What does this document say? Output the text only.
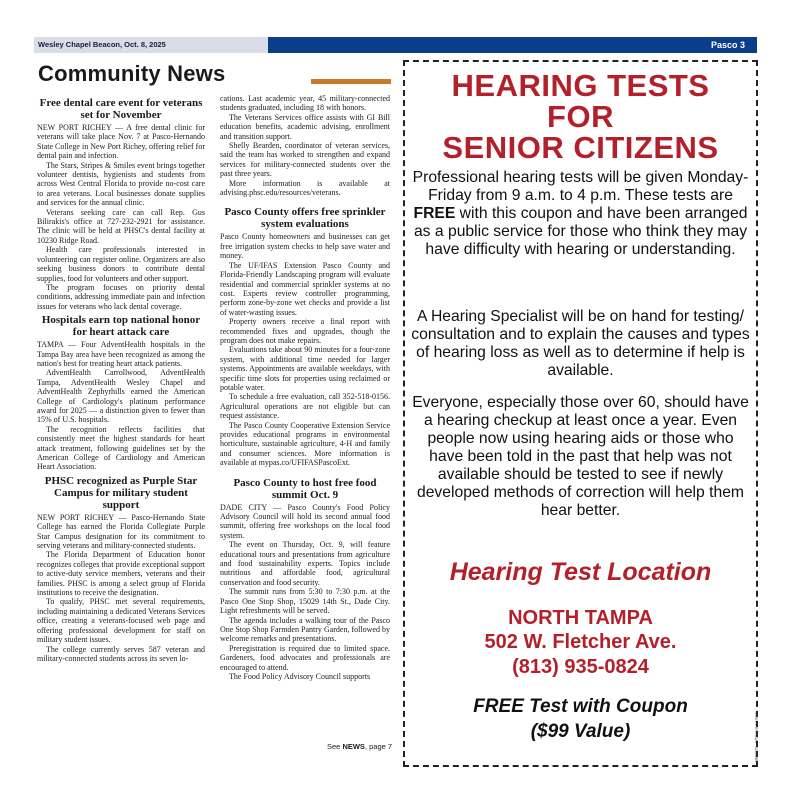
Wesley Chapel Beacon, Oct. 8, 2025	Pasco 3
Community News
Free dental care event for veterans set for November

NEW PORT RICHEY — A free dental clinic for veterans will take place Nov. 7 at Pasco-Hernando State College in New Port Richey, offering relief for dental pain and infection.

The Stars, Stripes & Smiles event brings together volunteer dentists, hygienists and students from across West Central Florida to provide no-cost care to area veterans. Local businesses donate supplies and services for the annual clinic.

Veterans seeking care can call Rep. Gus Bilirakis's office at 727-232-2921 for assistance. The clinic will be held at PHSC's dental facility at 10230 Ridge Road.

Health care professionals interested in volunteering can register online. Organizers are also seeking business donors to contribute dental supplies, food for volunteers and other support.

The program focuses on priority dental conditions, addressing immediate pain and infection issues for veterans who lack dental coverage.

Hospitals earn top national honor for heart attack care

TAMPA — Four AdventHealth hospitals in the Tampa Bay area have been recognized as among the nation's best for treating heart attack patients.

AdventHealth Carrollwood, AdventHealth Tampa, AdventHealth Wesley Chapel and AdventHealth Zephyrhills earned the American College of Cardiology's platinum performance award for 2025 — a distinction given to fewer than 15% of U.S. hospitals.

The recognition reflects facilities that consistently meet the highest standards for heart attack treatment, following guidelines set by the American College of Cardiology and American Heart Association.

PHSC recognized as Purple Star Campus for military student support

NEW PORT RICHEY — Pasco-Hernando State College has earned the Florida Collegiate Purple Star Campus designation for its commitment to serving veterans and military-connected students.

The Florida Department of Education honor recognizes colleges that provide exceptional support to active-duty service members, veterans and their families. PHSC is among a select group of Florida institutions to receive the designation.

To qualify, PHSC met several requirements, including maintaining a dedicated Veterans Services office, creating a veterans-focused web page and offering professional development for staff on military student issues.

The college currently serves 587 veteran and military-connected students across its seven lo-

cations. Last academic year, 45 military-connected students graduated, including 18 with honors.

The Veterans Services office assists with GI Bill education benefits, academic advising, enrollment and transition support.

Shelly Bearden, coordinator of veteran services, said the team has worked to strengthen and expand services for military-connected students over the past three years.

More information is available at advising.phsc.edu/resources/veterans.

Pasco County offers free sprinkler system evaluations

Pasco County homeowners and businesses can get free irrigation system checks to help save water and money.

The UF/IFAS Extension Pasco County and Florida-Friendly Landscaping program will evaluate residential and commercial sprinkler systems at no cost. Experts review controller programming, perform zone-by-zone wet checks and provide a list of water-wasting issues.

Property owners receive a final report with recommended fixes and upgrades, though the program does not make repairs.

Evaluations take about 90 minutes for a four-zone system, with additional time needed for larger systems. Appointments are available weekdays, with specific time slots for properties using reclaimed or potable water.

To schedule a free evaluation, call 352-518-0156. Agricultural operations are not eligible but can request assistance.

The Pasco County Cooperative Extension Service provides educational programs in environmental horticulture, sustainable agriculture, 4-H and family and consumer sciences. More information is available at mypas.co/UFIFASPascoExt.

Pasco County to host free food summit Oct. 9

DADE CITY — Pasco County's Food Policy Advisory Council will hold its second annual food summit, offering free workshops on the local food system.

The event on Thursday, Oct. 9, will feature educational tours and presentations from agriculture and food sustainability experts. Topics include nutritious and affordable food, agricultural conservation and food security.

The summit runs from 5:30 to 7:30 p.m. at the Pasco One Stop Shop, 15029 14th St., Dade City. Light refreshments will be served.

The agenda includes a walking tour of the Pasco One Stop Shop Farmden Pantry Garden, followed by welcome remarks and presentations.

Preregistration is required due to limited space. Gardeners, food advocates and professionals are encouraged to attend.

The Food Policy Advisory Council supports

See NEWS, page 7
HEARING TESTS
FOR
SENIOR CITIZENS
Professional hearing tests will be given Monday-Friday from 9 a.m. to 4 p.m. These tests are FREE with this coupon and have been arranged as a public service for those who think they may have difficulty with hearing or understanding.
A Hearing Specialist will be on hand for testing/ consultation and to explain the causes and types of hearing loss as well as to determine if help is available.
Everyone, especially those over 60, should have a hearing checkup at least once a year. Even people now using hearing aids or those who have been told in the past that help was not available should be tested to see if newly developed methods of correction will help them hear better.
Hearing Test Location
NORTH TAMPA
502 W. Fletcher Ave.
(813) 935-0824
FREE Test with Coupon
($99 Value)	08/08/25 - WChapel 4:108-1
